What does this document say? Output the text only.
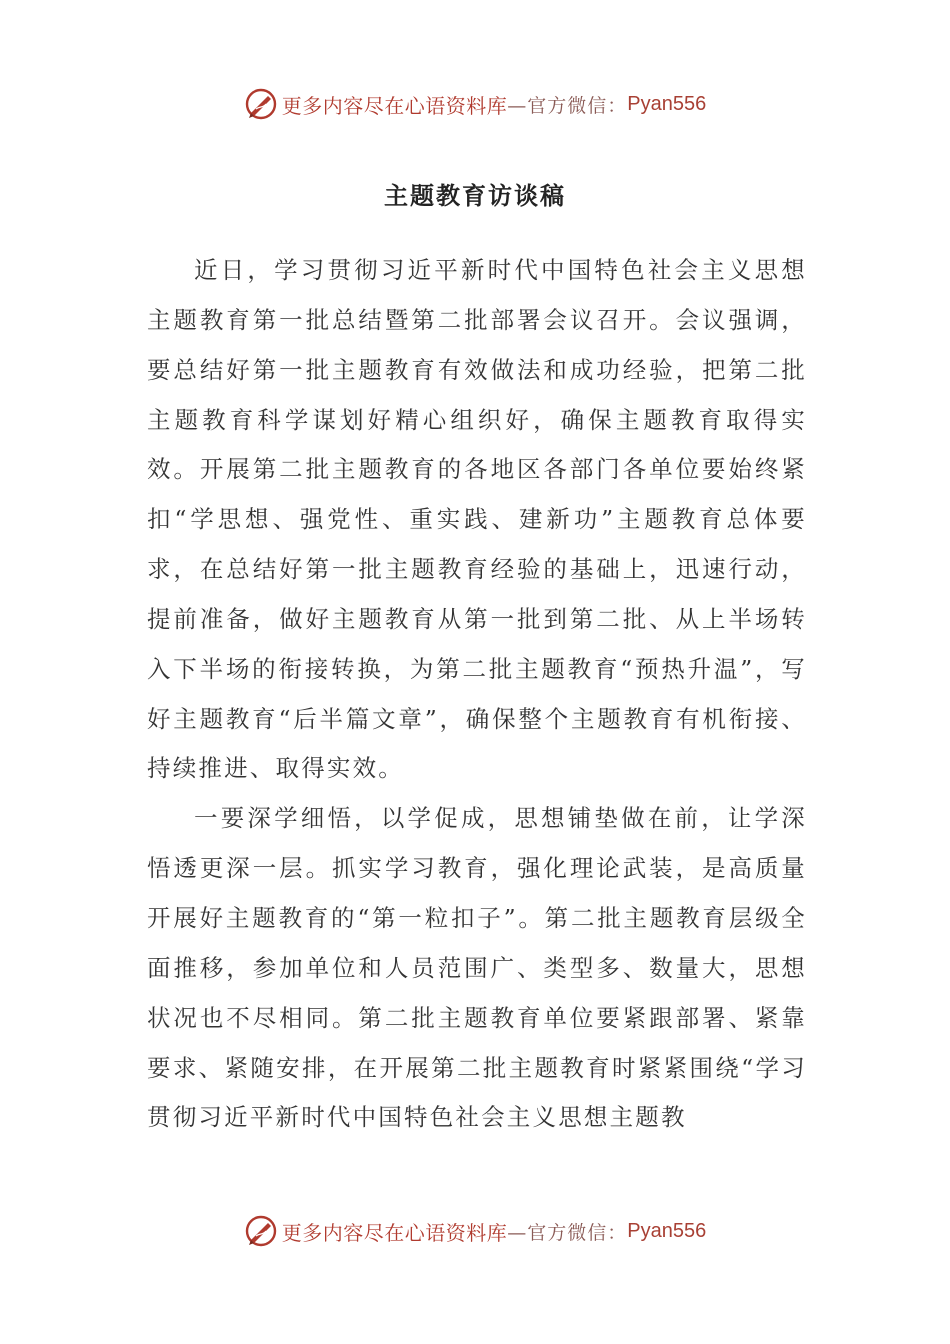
更多内容尽在心语资料库 —官方微信： Pyan556
主题教育访谈稿

近日，学习贯彻习近平新时代中国特色社会主义思想主题教育第一批总结暨第二批部署会议召开。会议强调，要总结好第一批主题教育有效做法和成功经验，把第二批主题教育科学谋划好精心组织好，确保主题教育取得实效。开展第二批主题教育的各地区各部门各单位要始终紧扣“学思想、强党性、重实践、建新功”主题教育总体要求，在总结好第一批主题教育经验的基础上，迅速行动，提前准备，做好主题教育从第一批到第二批、从上半场转入下半场的衔接转换，为第二批主题教育“预热升温”，写好主题教育“后半篇文章”，确保整个主题教育有机衔接、持续推进、取得实效。

一要深学细悟，以学促成，思想铺垫做在前，让学深悟透更深一层。抓实学习教育，强化理论武装，是高质量开展好主题教育的“第一粒扣子”。第二批主题教育层级全面推移，参加单位和人员范围广、类型多、数量大，思想状况也不尽相同。第二批主题教育单位要紧跟部署、紧靠要求、紧随安排，在开展第二批主题教育时紧紧围绕“学习贯彻习近平新时代中国特色社会主义思想主题教

更多内容尽在心语资料库 —官方微信： Pyan556
